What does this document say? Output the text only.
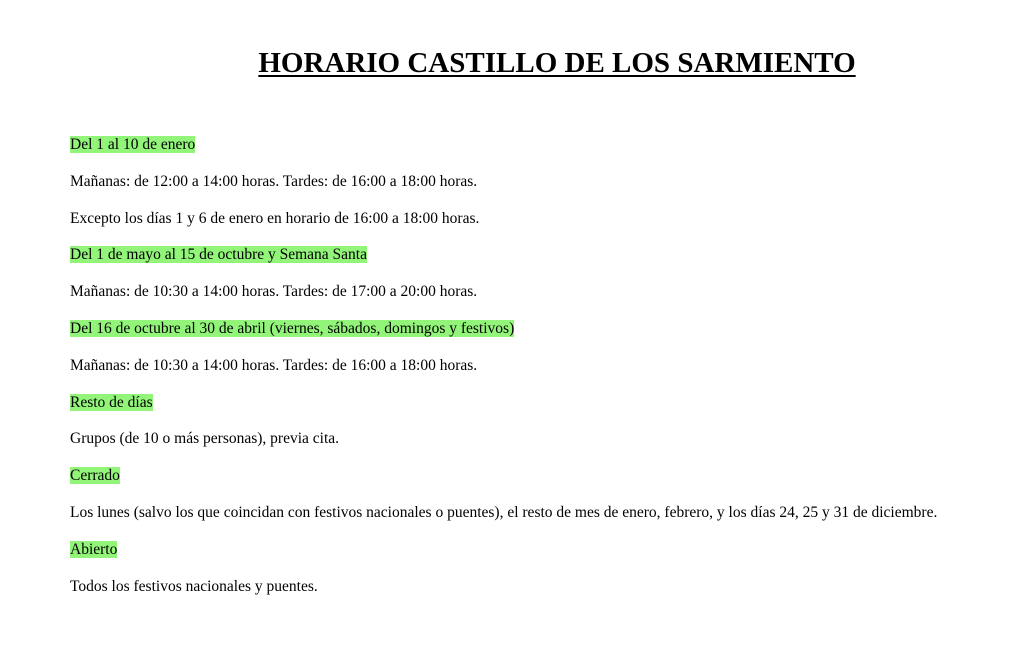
HORARIO CASTILLO DE LOS SARMIENTO
Del 1 al 10 de enero
Mañanas: de 12:00 a 14:00 horas. Tardes: de 16:00 a 18:00 horas.
Excepto los días 1 y 6 de enero en horario de 16:00 a 18:00 horas.
Del 1 de mayo al 15 de octubre y Semana Santa
Mañanas: de 10:30 a 14:00 horas. Tardes: de 17:00 a 20:00 horas.
Del 16 de octubre al 30 de abril (viernes, sábados, domingos y festivos)
Mañanas: de 10:30 a 14:00 horas. Tardes: de 16:00 a 18:00 horas.
Resto de días
Grupos (de 10 o más personas), previa cita.
Cerrado
Los lunes (salvo los que coincidan con festivos nacionales o puentes), el resto de mes de enero, febrero, y los días 24, 25 y 31 de diciembre.
Abierto
Todos los festivos nacionales y puentes.
